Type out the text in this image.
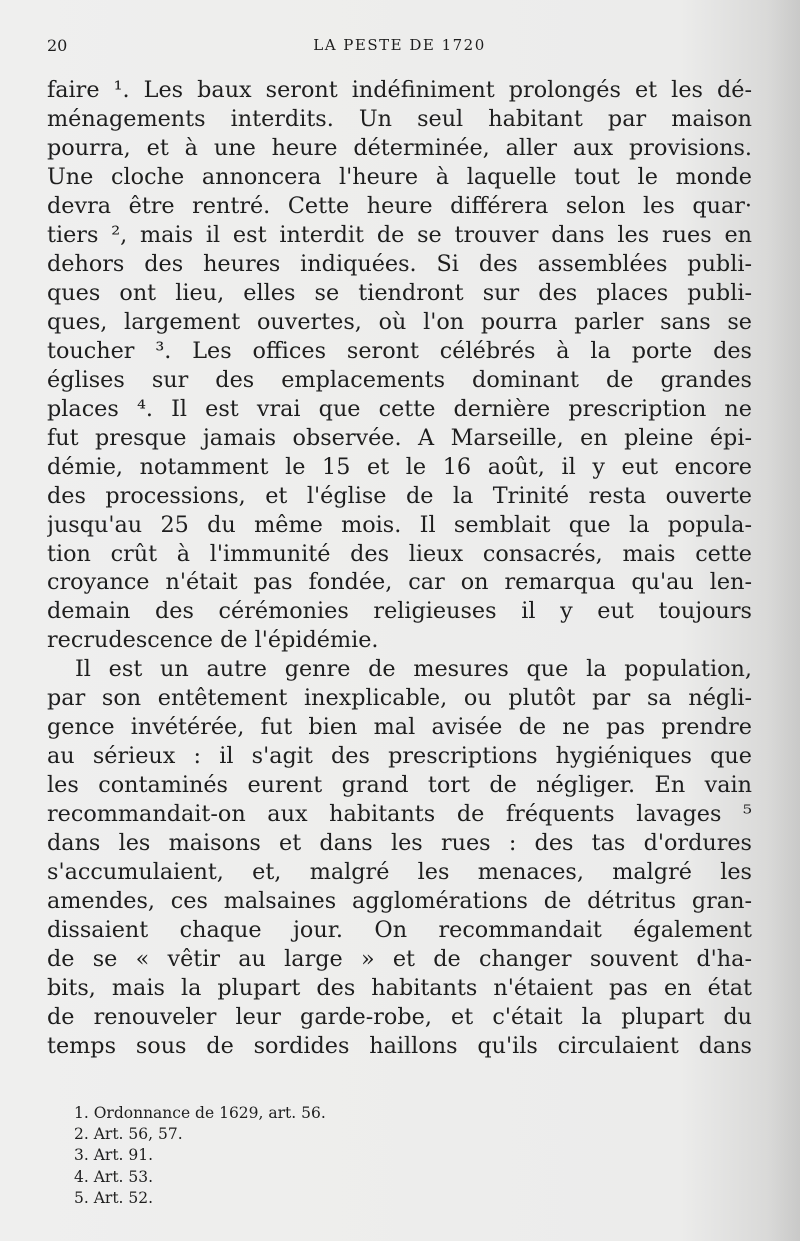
20	LA PESTE DE 1720
faire ¹. Les baux seront indéfiniment prolongés et les dé-
ménagements interdits. Un seul habitant par maison
pourra, et à une heure déterminée, aller aux provisions.
Une cloche annoncera l'heure à laquelle tout le monde
devra être rentré. Cette heure différera selon les quar·
tiers ², mais il est interdit de se trouver dans les rues en
dehors des heures indiquées. Si des assemblées publi-
ques ont lieu, elles se tiendront sur des places publi-
ques, largement ouvertes, où l'on pourra parler sans se
toucher ³. Les offices seront célébrés à la porte des
églises sur des emplacements dominant de grandes
places ⁴. Il est vrai que cette dernière prescription ne
fut presque jamais observée. A Marseille, en pleine épi-
démie, notamment le 15 et le 16 août, il y eut encore
des processions, et l'église de la Trinité resta ouverte
jusqu'au 25 du même mois. Il semblait que la popula-
tion crût à l'immunité des lieux consacrés, mais cette
croyance n'était pas fondée, car on remarqua qu'au len-
demain des cérémonies religieuses il y eut toujours
recrudescence de l'épidémie.
Il est un autre genre de mesures que la population,
par son entêtement inexplicable, ou plutôt par sa négli-
gence invétérée, fut bien mal avisée de ne pas prendre
au sérieux : il s'agit des prescriptions hygiéniques que
les contaminés eurent grand tort de négliger. En vain
recommandait-on aux habitants de fréquents lavages ⁵
dans les maisons et dans les rues : des tas d'ordures
s'accumulaient, et, malgré les menaces, malgré les
amendes, ces malsaines agglomérations de détritus gran-
dissaient chaque jour. On recommandait également
de se « vêtir au large » et de changer souvent d'ha-
bits, mais la plupart des habitants n'étaient pas en état
de renouveler leur garde-robe, et c'était la plupart du
temps sous de sordides haillons qu'ils circulaient dans
1. Ordonnance de 1629, art. 56.
2. Art. 56, 57.
3. Art. 91.
4. Art. 53.
5. Art. 52.
